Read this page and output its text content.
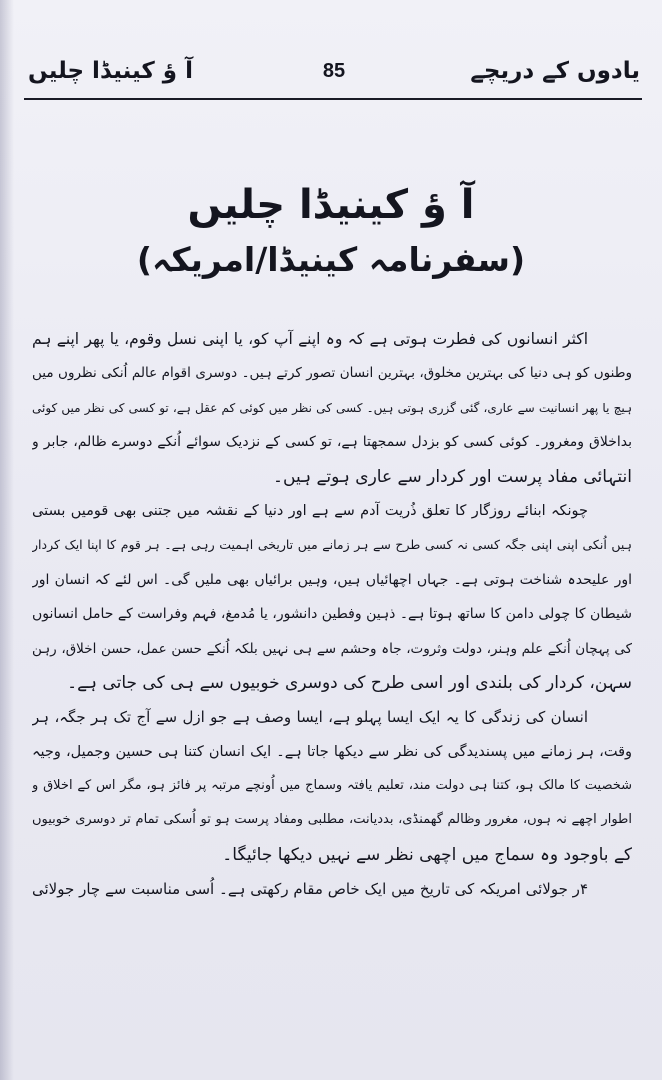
یادوں کے دریچے
85
آ ؤ کینیڈا چلیں
آ ؤ کینیڈا چلیں
(سفرنامہ کینیڈا/امریکہ)
اکثر انسانوں کی فطرت ہوتی ہے کہ وہ اپنے آپ کو، یا اپنی نسل وقوم، یا پھر اپنے ہم
وطنوں کو ہی دنیا کی بہترین مخلوق، بہترین انسان تصور کرتے ہیں۔ دوسری اقوام عالم اُنکی نظروں میں
ہیچ یا پھر انسانیت سے عاری، گئی گزری ہوتی ہیں۔ کسی کی نظر میں کوئی کم عقل ہے، تو کسی کی نظر میں کوئی
بداخلاق ومغرور۔ کوئی کسی کو بزدل سمجھتا ہے، تو کسی کے نزدیک سوائے اُنکے دوسرے ظالم، جابر و
انتہائی مفاد پرست اور کردار سے عاری ہوتے ہیں۔
چونکہ ابنائے روزگار کا تعلق ذُریت آدم سے ہے اور دنیا کے نقشہ میں جتنی بھی قومیں بستی
ہیں اُنکی اپنی اپنی جگہ کسی نہ کسی طرح سے ہر زمانے میں تاریخی اہمیت رہی ہے۔ ہر قوم کا اپنا ایک کردار
اور علیحدہ شناخت ہوتی ہے۔ جہاں اچھائیاں ہیں، وہیں برائیاں بھی ملیں گی۔ اس لئے کہ انسان اور
شیطان کا چولی دامن کا ساتھ ہوتا ہے۔ ذہین وفطین دانشور، یا مُدمغ، فہم وفراست کے حامل انسانوں
کی پہچان اُنکے علم وہنر، دولت وثروت، جاہ وحشم سے ہی نہیں بلکہ اُنکے حسن عمل، حسن اخلاق، رہن
سہن، کردار کی بلندی اور اسی طرح کی دوسری خوبیوں سے ہی کی جاتی ہے۔
انسان کی زندگی کا یہ ایک ایسا پہلو ہے، ایسا وصف ہے جو ازل سے آج تک ہر جگہ، ہر
وقت، ہر زمانے میں پسندیدگی کی نظر سے دیکھا جاتا ہے۔ ایک انسان کتنا ہی حسین وجمیل، وجیہ
شخصیت کا مالک ہو، کتنا ہی دولت مند، تعلیم یافتہ وسماج میں اُونچے مرتبہ پر فائز ہو، مگر اس کے اخلاق و
اطوار اچھے نہ ہوں، مغرور وظالم گھمنڈی، بددیانت، مطلبی ومفاد پرست ہو تو اُسکی تمام تر دوسری خوبیوں
کے باوجود وہ سماج میں اچھی نظر سے نہیں دیکھا جائیگا۔
۴ر جولائی امریکہ کی تاریخ میں ایک خاص مقام رکھتی ہے۔ اُسی مناسبت سے چار جولائی
